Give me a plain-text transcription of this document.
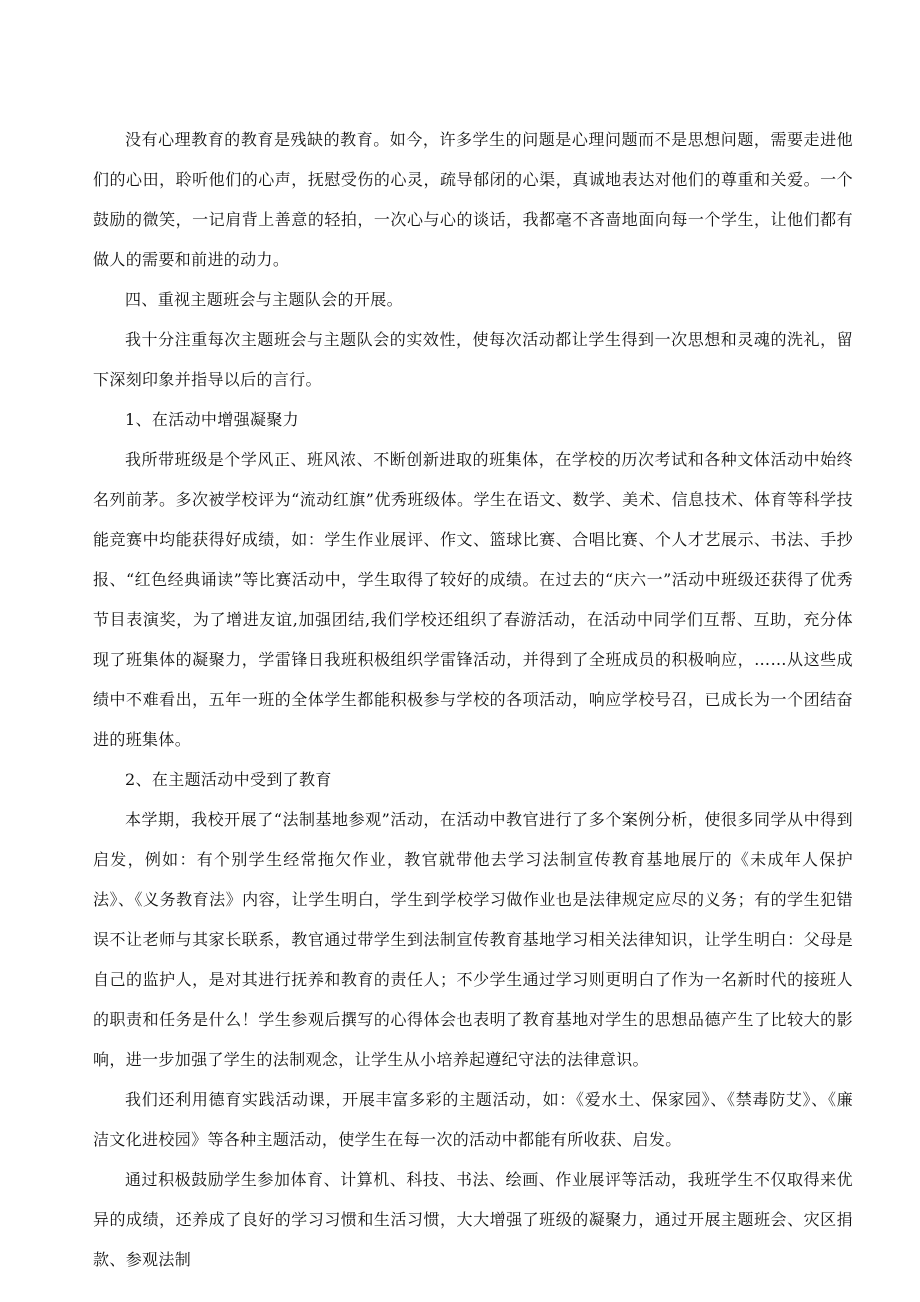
没有心理教育的教育是残缺的教育。如今，许多学生的问题是心理问题而不是思想问题，需要走进他们的心田，聆听他们的心声，抚慰受伤的心灵，疏导郁闭的心渠，真诚地表达对他们的尊重和关爱。一个鼓励的微笑，一记肩背上善意的轻拍，一次心与心的谈话，我都毫不吝啬地面向每一个学生，让他们都有做人的需要和前进的动力。

四、重视主题班会与主题队会的开展。

我十分注重每次主题班会与主题队会的实效性，使每次活动都让学生得到一次思想和灵魂的洗礼，留下深刻印象并指导以后的言行。

1、在活动中增强凝聚力

我所带班级是个学风正、班风浓、不断创新进取的班集体，在学校的历次考试和各种文体活动中始终名列前茅。多次被学校评为“流动红旗”优秀班级体。学生在语文、数学、美术、信息技术、体育等科学技能竞赛中均能获得好成绩，如：学生作业展评、作文、篮球比赛、合唱比赛、个人才艺展示、书法、手抄报、“红色经典诵读”等比赛活动中，学生取得了较好的成绩。在过去的“庆六一”活动中班级还获得了优秀节目表演奖，为了增进友谊,加强团结,我们学校还组织了春游活动，在活动中同学们互帮、互助，充分体现了班集体的凝聚力，学雷锋日我班积极组织学雷锋活动，并得到了全班成员的积极响应，……从这些成绩中不难看出，五年一班的全体学生都能积极参与学校的各项活动，响应学校号召，已成长为一个团结奋进的班集体。

2、在主题活动中受到了教育

本学期，我校开展了“法制基地参观”活动，在活动中教官进行了多个案例分析，使很多同学从中得到启发，例如：有个别学生经常拖欠作业，教官就带他去学习法制宣传教育基地展厅的《未成年人保护法》、《义务教育法》内容，让学生明白，学生到学校学习做作业也是法律规定应尽的义务；有的学生犯错误不让老师与其家长联系，教官通过带学生到法制宣传教育基地学习相关法律知识，让学生明白：父母是自己的监护人，是对其进行抚养和教育的责任人；不少学生通过学习则更明白了作为一名新时代的接班人的职责和任务是什么！学生参观后撰写的心得体会也表明了教育基地对学生的思想品德产生了比较大的影响，进一步加强了学生的法制观念，让学生从小培养起遵纪守法的法律意识。

我们还利用德育实践活动课，开展丰富多彩的主题活动，如：《爱水土、保家园》、《禁毒防艾》、《廉洁文化进校园》等各种主题活动，使学生在每一次的活动中都能有所收获、启发。

通过积极鼓励学生参加体育、计算机、科技、书法、绘画、作业展评等活动，我班学生不仅取得来优异的成绩，还养成了良好的学习习惯和生活习惯，大大增强了班级的凝聚力，通过开展主题班会、灾区捐款、参观法制
